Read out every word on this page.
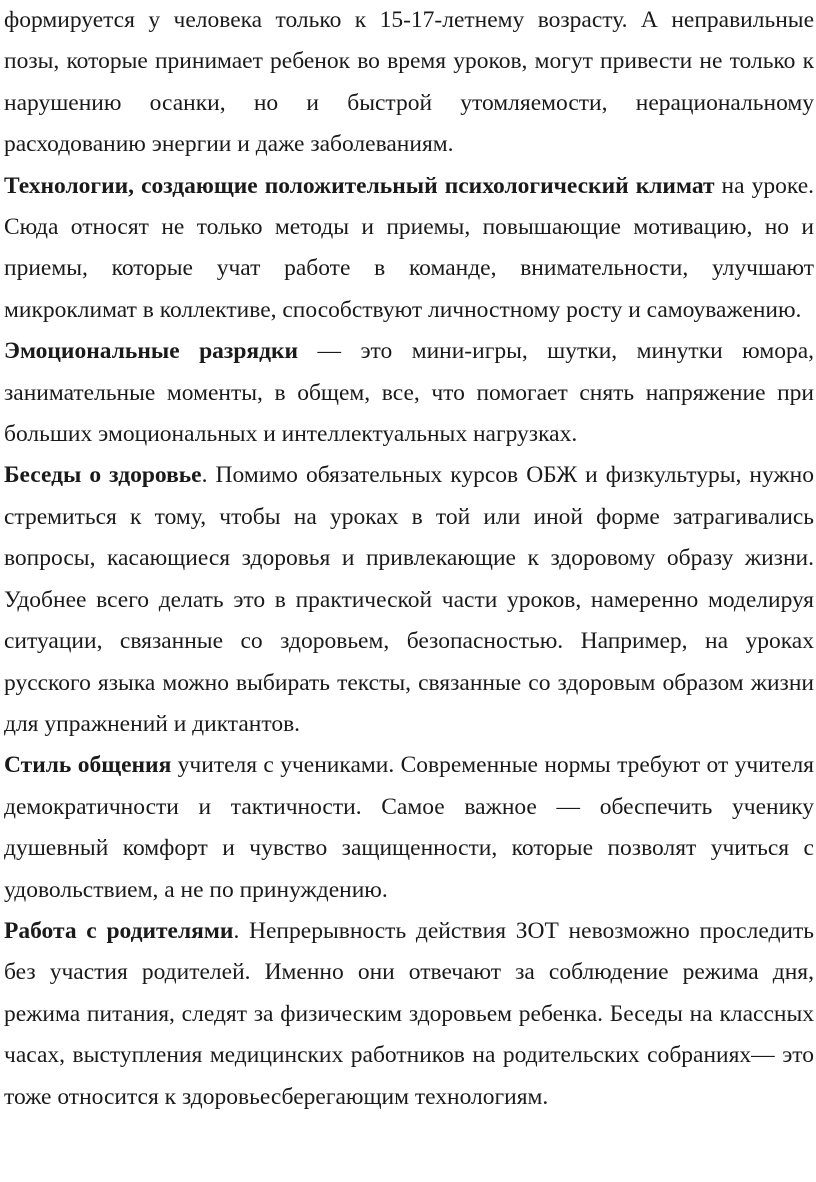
формируется у человека только к 15-17-летнему возрасту. А неправильные позы, которые принимает ребенок во время уроков, могут привести не только к нарушению осанки, но и быстрой утомляемости, нерациональному расходованию энергии и даже заболеваниям.

Технологии, создающие положительный психологический климат на уроке. Сюда относят не только методы и приемы, повышающие мотивацию, но и приемы, которые учат работе в команде, внимательности, улучшают микроклимат в коллективе, способствуют личностному росту и самоуважению.

Эмоциональные разрядки — это мини-игры, шутки, минутки юмора, занимательные моменты, в общем, все, что помогает снять напряжение при больших эмоциональных и интеллектуальных нагрузках.

Беседы о здоровье. Помимо обязательных курсов ОБЖ и физкультуры, нужно стремиться к тому, чтобы на уроках в той или иной форме затрагивались вопросы, касающиеся здоровья и привлекающие к здоровому образу жизни. Удобнее всего делать это в практической части уроков, намеренно моделируя ситуации, связанные со здоровьем, безопасностью. Например, на уроках русского языка можно выбирать тексты, связанные со здоровым образом жизни для упражнений и диктантов.

Стиль общения учителя с учениками. Современные нормы требуют от учителя демократичности и тактичности. Самое важное — обеспечить ученику душевный комфорт и чувство защищенности, которые позволят учиться с удовольствием, а не по принуждению.

Работа с родителями. Непрерывность действия ЗОТ невозможно проследить без участия родителей. Именно они отвечают за соблюдение режима дня, режима питания, следят за физическим здоровьем ребенка. Беседы на классных часах, выступления медицинских работников на родительских собраниях— это тоже относится к здоровьесберегающим технологиям.
